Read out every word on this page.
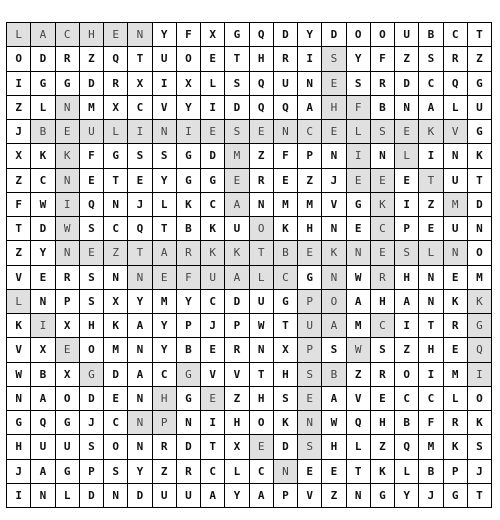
L	A	C	H	E	N	Y	F	X	G	Q	D	Y	D	O	O	U	B	C	T
O	D	R	Z	Q	T	U	O	E	T	H	R	I	S	Y	F	Z	S	R	Z
I	G	G	D	R	X	I	X	L	S	Q	U	N	E	S	R	D	C	Q	G
Z	L	N	M	X	C	V	Y	I	D	Q	Q	A	H	F	B	N	A	L	U
J	B	E	U	L	I	N	I	E	S	E	N	C	E	L	S	E	K	V	G
X	K	K	F	G	S	S	G	D	M	Z	F	P	N	I	N	L	I	N	K
Z	C	N	E	T	E	Y	G	G	E	R	E	Z	J	E	E	E	T	U	T
F	W	I	Q	N	J	L	K	C	A	N	M	M	V	G	K	I	Z	M	D
T	D	W	S	C	Q	T	B	K	U	O	K	H	N	E	C	P	E	U	N
Z	Y	N	E	Z	T	A	R	K	K	T	B	E	K	N	E	S	L	N	O
V	E	R	S	N	N	E	F	U	A	L	C	G	N	W	R	H	N	E	M
L	N	P	S	X	Y	M	Y	C	D	U	G	P	O	A	H	A	N	K	K
K	I	X	H	K	A	Y	P	J	P	W	T	U	A	M	C	I	T	R	G
V	X	E	O	M	N	Y	B	E	R	N	X	P	S	W	S	Z	H	E	Q
W	B	X	G	D	A	C	G	V	V	T	H	S	B	Z	R	O	I	M	I
N	A	O	D	E	N	H	G	E	Z	H	S	E	A	V	E	C	C	L	O
G	Q	G	J	C	N	P	N	I	H	O	K	N	W	Q	H	B	F	R	K
H	U	U	S	O	N	R	D	T	X	E	D	S	H	L	Z	Q	M	K	S
J	A	G	P	S	Y	Z	R	C	L	C	N	E	E	T	K	L	B	P	J
I	N	L	D	N	D	U	U	A	Y	A	P	V	Z	N	G	Y	J	G	T
